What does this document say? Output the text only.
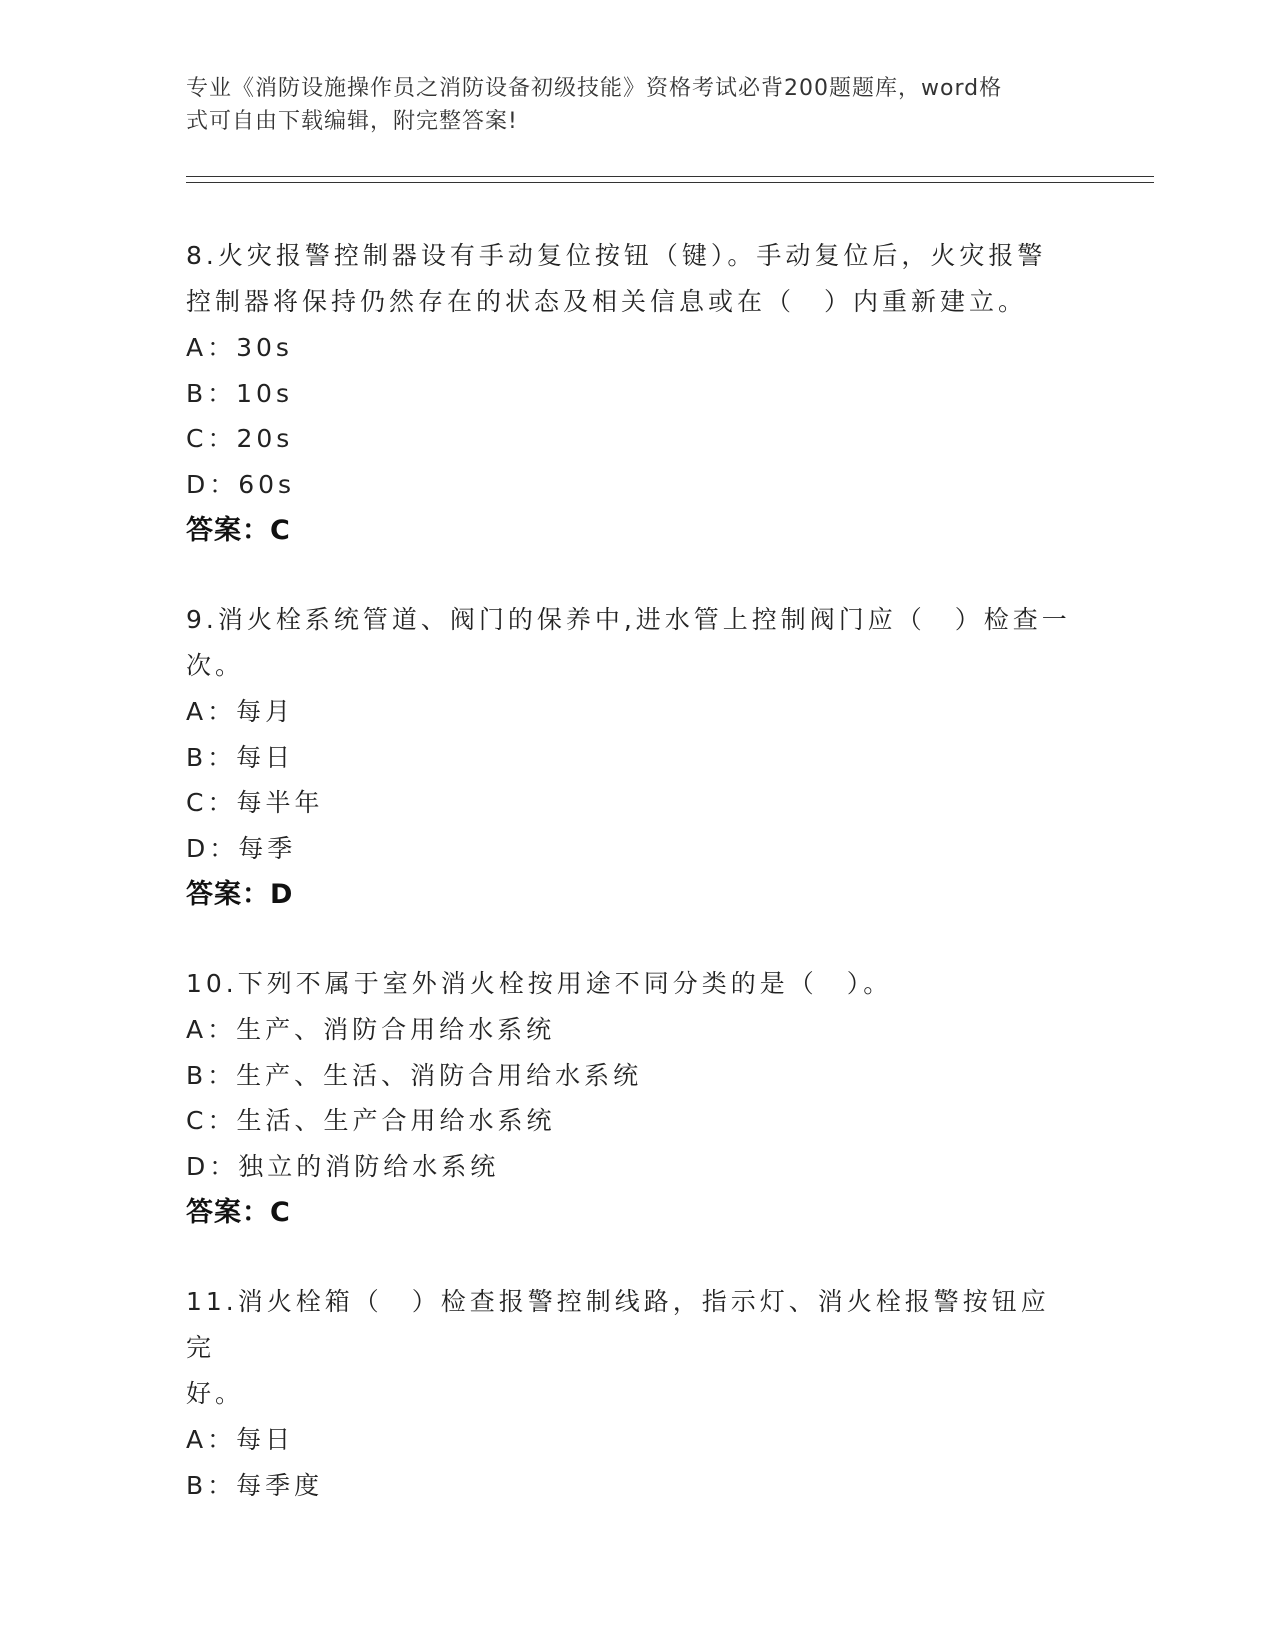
专业《消防设施操作员之消防设备初级技能》资格考试必背200题题库，word格
式可自由下载编辑，附完整答案!
8.火灾报警控制器设有手动复位按钮（键）。手动复位后，火灾报警
控制器将保持仍然存在的状态及相关信息或在（　）内重新建立。
A：30s
B：10s
C：20s
D：60s
答案：C
9.消火栓系统管道、阀门的保养中,进水管上控制阀门应（　）检查一
次。
A：每月
B：每日
C：每半年
D：每季
答案：D
10.下列不属于室外消火栓按用途不同分类的是（　）。
A：生产、消防合用给水系统
B：生产、生活、消防合用给水系统
C：生活、生产合用给水系统
D：独立的消防给水系统
答案：C
11.消火栓箱（　）检查报警控制线路，指示灯、消火栓报警按钮应完
好。
A：每日
B：每季度
